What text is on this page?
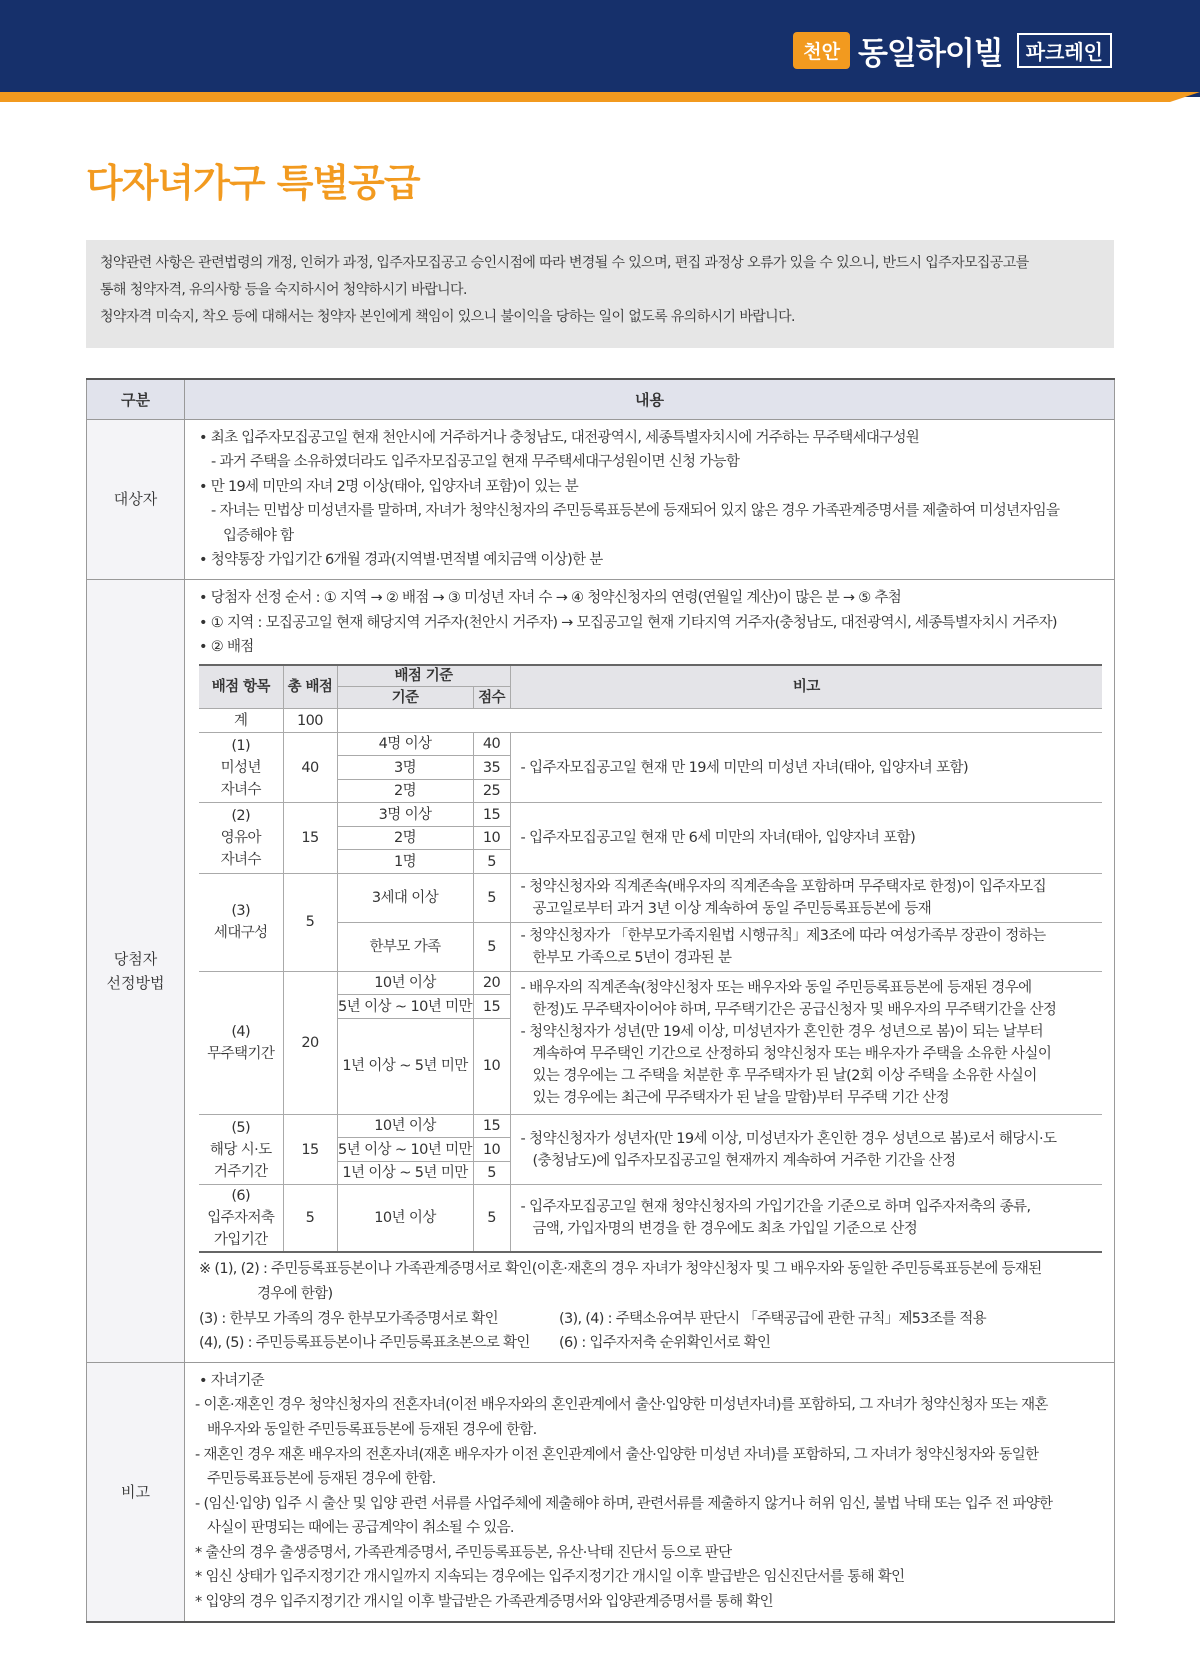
천안 동일하이빌	파크레인
다자녀가구 특별공급

청약관련 사항은 관련법령의 개정, 인허가 과정, 입주자모집공고 승인시점에 따라 변경될 수 있으며, 편집 과정상 오류가 있을 수 있으니, 반드시 입주자모집공고를

통해 청약자격, 유의사항 등을 숙지하시어 청약하시기 바랍니다.

청약자격 미숙지, 착오 등에 대해서는 청약자 본인에게 책임이 있으니 불이익을 당하는 일이 없도록 유의하시기 바랍니다.

구분	내용
대상자	
• 최초 입주자모집공고일 현재 천안시에 거주하거나 충청남도, 대전광역시, 세종특별자치시에 거주하는 무주택세대구성원
- 과거 주택을 소유하였더라도 입주자모집공고일 현재 무주택세대구성원이면 신청 가능함
• 만 19세 미만의 자녀 2명 이상(태아, 입양자녀 포함)이 있는 분
- 자녀는 민법상 미성년자를 말하며, 자녀가 청약신청자의 주민등록표등본에 등재되어 있지 않은 경우 가족관계증명서를 제출하여 미성년자임을
입증해야 함
• 청약통장 가입기간 6개월 경과(지역별·면적별 예치금액 이상)한 분

당첨자
선정방법

• 당첨자 선정 순서 : ① 지역 → ② 배점 → ③ 미성년 자녀 수 → ④ 청약신청자의 연령(연월일 계산)이 많은 분 → ⑤ 추첨
• ① 지역 : 모집공고일 현재 해당지역 거주자(천안시 거주자) → 모집공고일 현재 기타지역 거주자(충청남도, 대전광역시, 세종특별자치시 거주자)
• ② 배점
배점 항목	총 배점	배점 기준	비고
기준	점수
계	100	

(1)
미성년
자녀수
	40	4명 이상	40	
- 입주자모집공고일 현재 만 19세 미만의 미성년 자녀(태아, 입양자녀 포함)

3명	35
2명	25

(2)
영유아
자녀수
	15	3명 이상	15	
- 입주자모집공고일 현재 만 6세 미만의 자녀(태아, 입양자녀 포함)

2명	10
1명	5

(3)
세대구성
	5	3세대 이상	5	
- 청약신청자와 직계존속(배우자의 직계존속을 포함하며 무주택자로 한정)이 입주자모집
공고일로부터 과거 3년 이상 계속하여 동일 주민등록표등본에 등재

한부모 가족	5	
- 청약신청자가 「한부모가족지원법 시행규칙」제3조에 따라 여성가족부 장관이 정하는
한부모 가족으로 5년이 경과된 분

(4)
무주택기간
	20	10년 이상	20	- 배우자의 직계존속(청약신청자 또는 배우자와 동일 주민등록표등본에 등재된 경우에
한정)도 무주택자이어야 하며, 무주택기간은 공급신청자 및 배우자의 무주택기간을 산정
- 청약신청자가 성년(만 19세 이상, 미성년자가 혼인한 경우 성년으로 봄)이 되는 날부터
계속하여 무주택인 기간으로 산정하되 청약신청자 또는 배우자가 주택을 소유한 사실이
있는 경우에는 그 주택을 처분한 후 무주택자가 된 날(2회 이상 주택을 소유한 사실이
있는 경우에는 최근에 무주택자가 된 날을 말함)부터 무주택 기간 산정

5년 이상 ~ 10년 미만	15
1년 이상 ~ 5년 미만	10

(5)
해당 시·도
거주기간
	15	10년 이상	15	
- 청약신청자가 성년자(만 19세 이상, 미성년자가 혼인한 경우 성년으로 봄)로서 해당시·도
(충청남도)에 입주자모집공고일 현재까지 계속하여 거주한 기간을 산정

5년 이상 ~ 10년 미만	10
1년 이상 ~ 5년 미만	5

(6)
입주자저축
가입기간
	5	10년 이상	5	
- 입주자모집공고일 현재 청약신청자의 가입기간을 기준으로 하며 입주자저축의 종류,
금액, 가입자명의 변경을 한 경우에도 최초 가입일 기준으로 산정
※ (1), (2) : 주민등록표등본이나 가족관계증명서로 확인(이혼·재혼의 경우 자녀가 청약신청자 및 그 배우자와 동일한 주민등록표등본에 등재된
경우에 한함)
(3) : 한부모 가족의 경우 한부모가족증명서로 확인	(3), (4) : 주택소유여부 판단시 「주택공급에 관한 규칙」제53조를 적용
(4), (5) : 주민등록표등본이나 주민등록표초본으로 확인	(6) : 입주자저축 순위확인서로 확인

비고	
• 자녀기준
- 이혼·재혼인 경우 청약신청자의 전혼자녀(이전 배우자와의 혼인관계에서 출산·입양한 미성년자녀)를 포함하되, 그 자녀가 청약신청자 또는 재혼
배우자와 동일한 주민등록표등본에 등재된 경우에 한함.
- 재혼인 경우 재혼 배우자의 전혼자녀(재혼 배우자가 이전 혼인관계에서 출산·입양한 미성년 자녀)를 포함하되, 그 자녀가 청약신청자와 동일한
주민등록표등본에 등재된 경우에 한함.
- (임신·입양) 입주 시 출산 및 입양 관련 서류를 사업주체에 제출해야 하며, 관련서류를 제출하지 않거나 허위 임신, 불법 낙태 또는 입주 전 파양한
사실이 판명되는 때에는 공급계약이 취소될 수 있음.
* 출산의 경우 출생증명서, 가족관계증명서, 주민등록표등본, 유산·낙태 진단서 등으로 판단
* 임신 상태가 입주지정기간 개시일까지 지속되는 경우에는 입주지정기간 개시일 이후 발급받은 임신진단서를 통해 확인
* 입양의 경우 입주지정기간 개시일 이후 발급받은 가족관계증명서와 입양관계증명서를 통해 확인
